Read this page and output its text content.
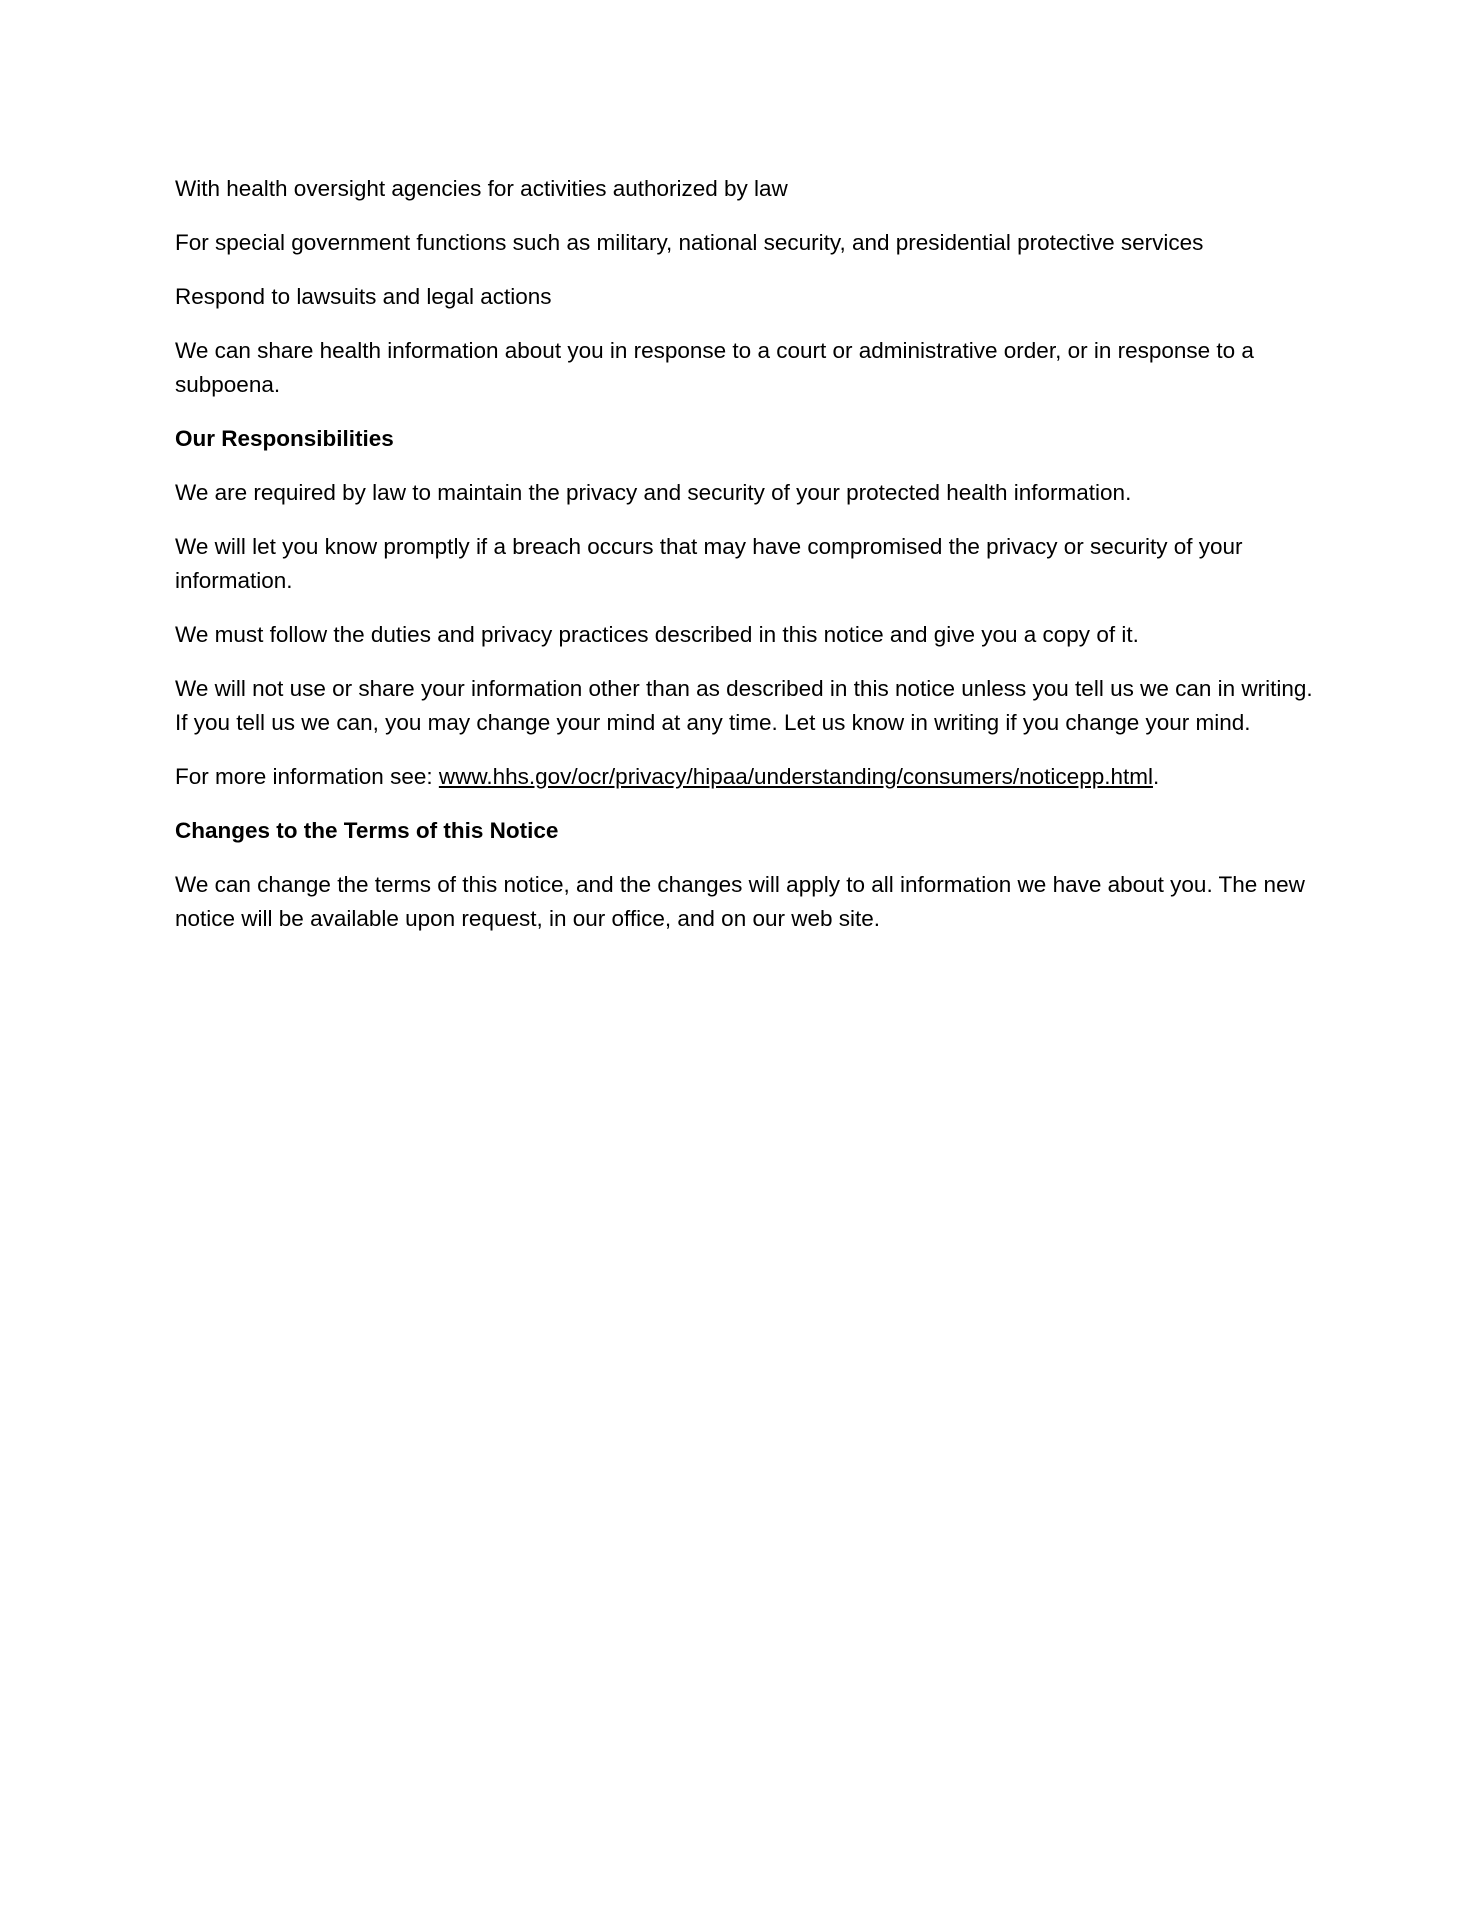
With health oversight agencies for activities authorized by law

For special government functions such as military, national security, and presidential protective services

Respond to lawsuits and legal actions

We can share health information about you in response to a court or administrative order, or in response to a subpoena.

Our Responsibilities

We are required by law to maintain the privacy and security of your protected health information.

We will let you know promptly if a breach occurs that may have compromised the privacy or security of your information.

We must follow the duties and privacy practices described in this notice and give you a copy of it.

We will not use or share your information other than as described in this notice unless you tell us we can in writing. If you tell us we can, you may change your mind at any time. Let us know in writing if you change your mind.

For more information see: www.hhs.gov/ocr/privacy/hipaa/understanding/consumers/noticepp.html.

Changes to the Terms of this Notice

We can change the terms of this notice, and the changes will apply to all information we have about you. The new notice will be available upon request, in our office, and on our web site.
